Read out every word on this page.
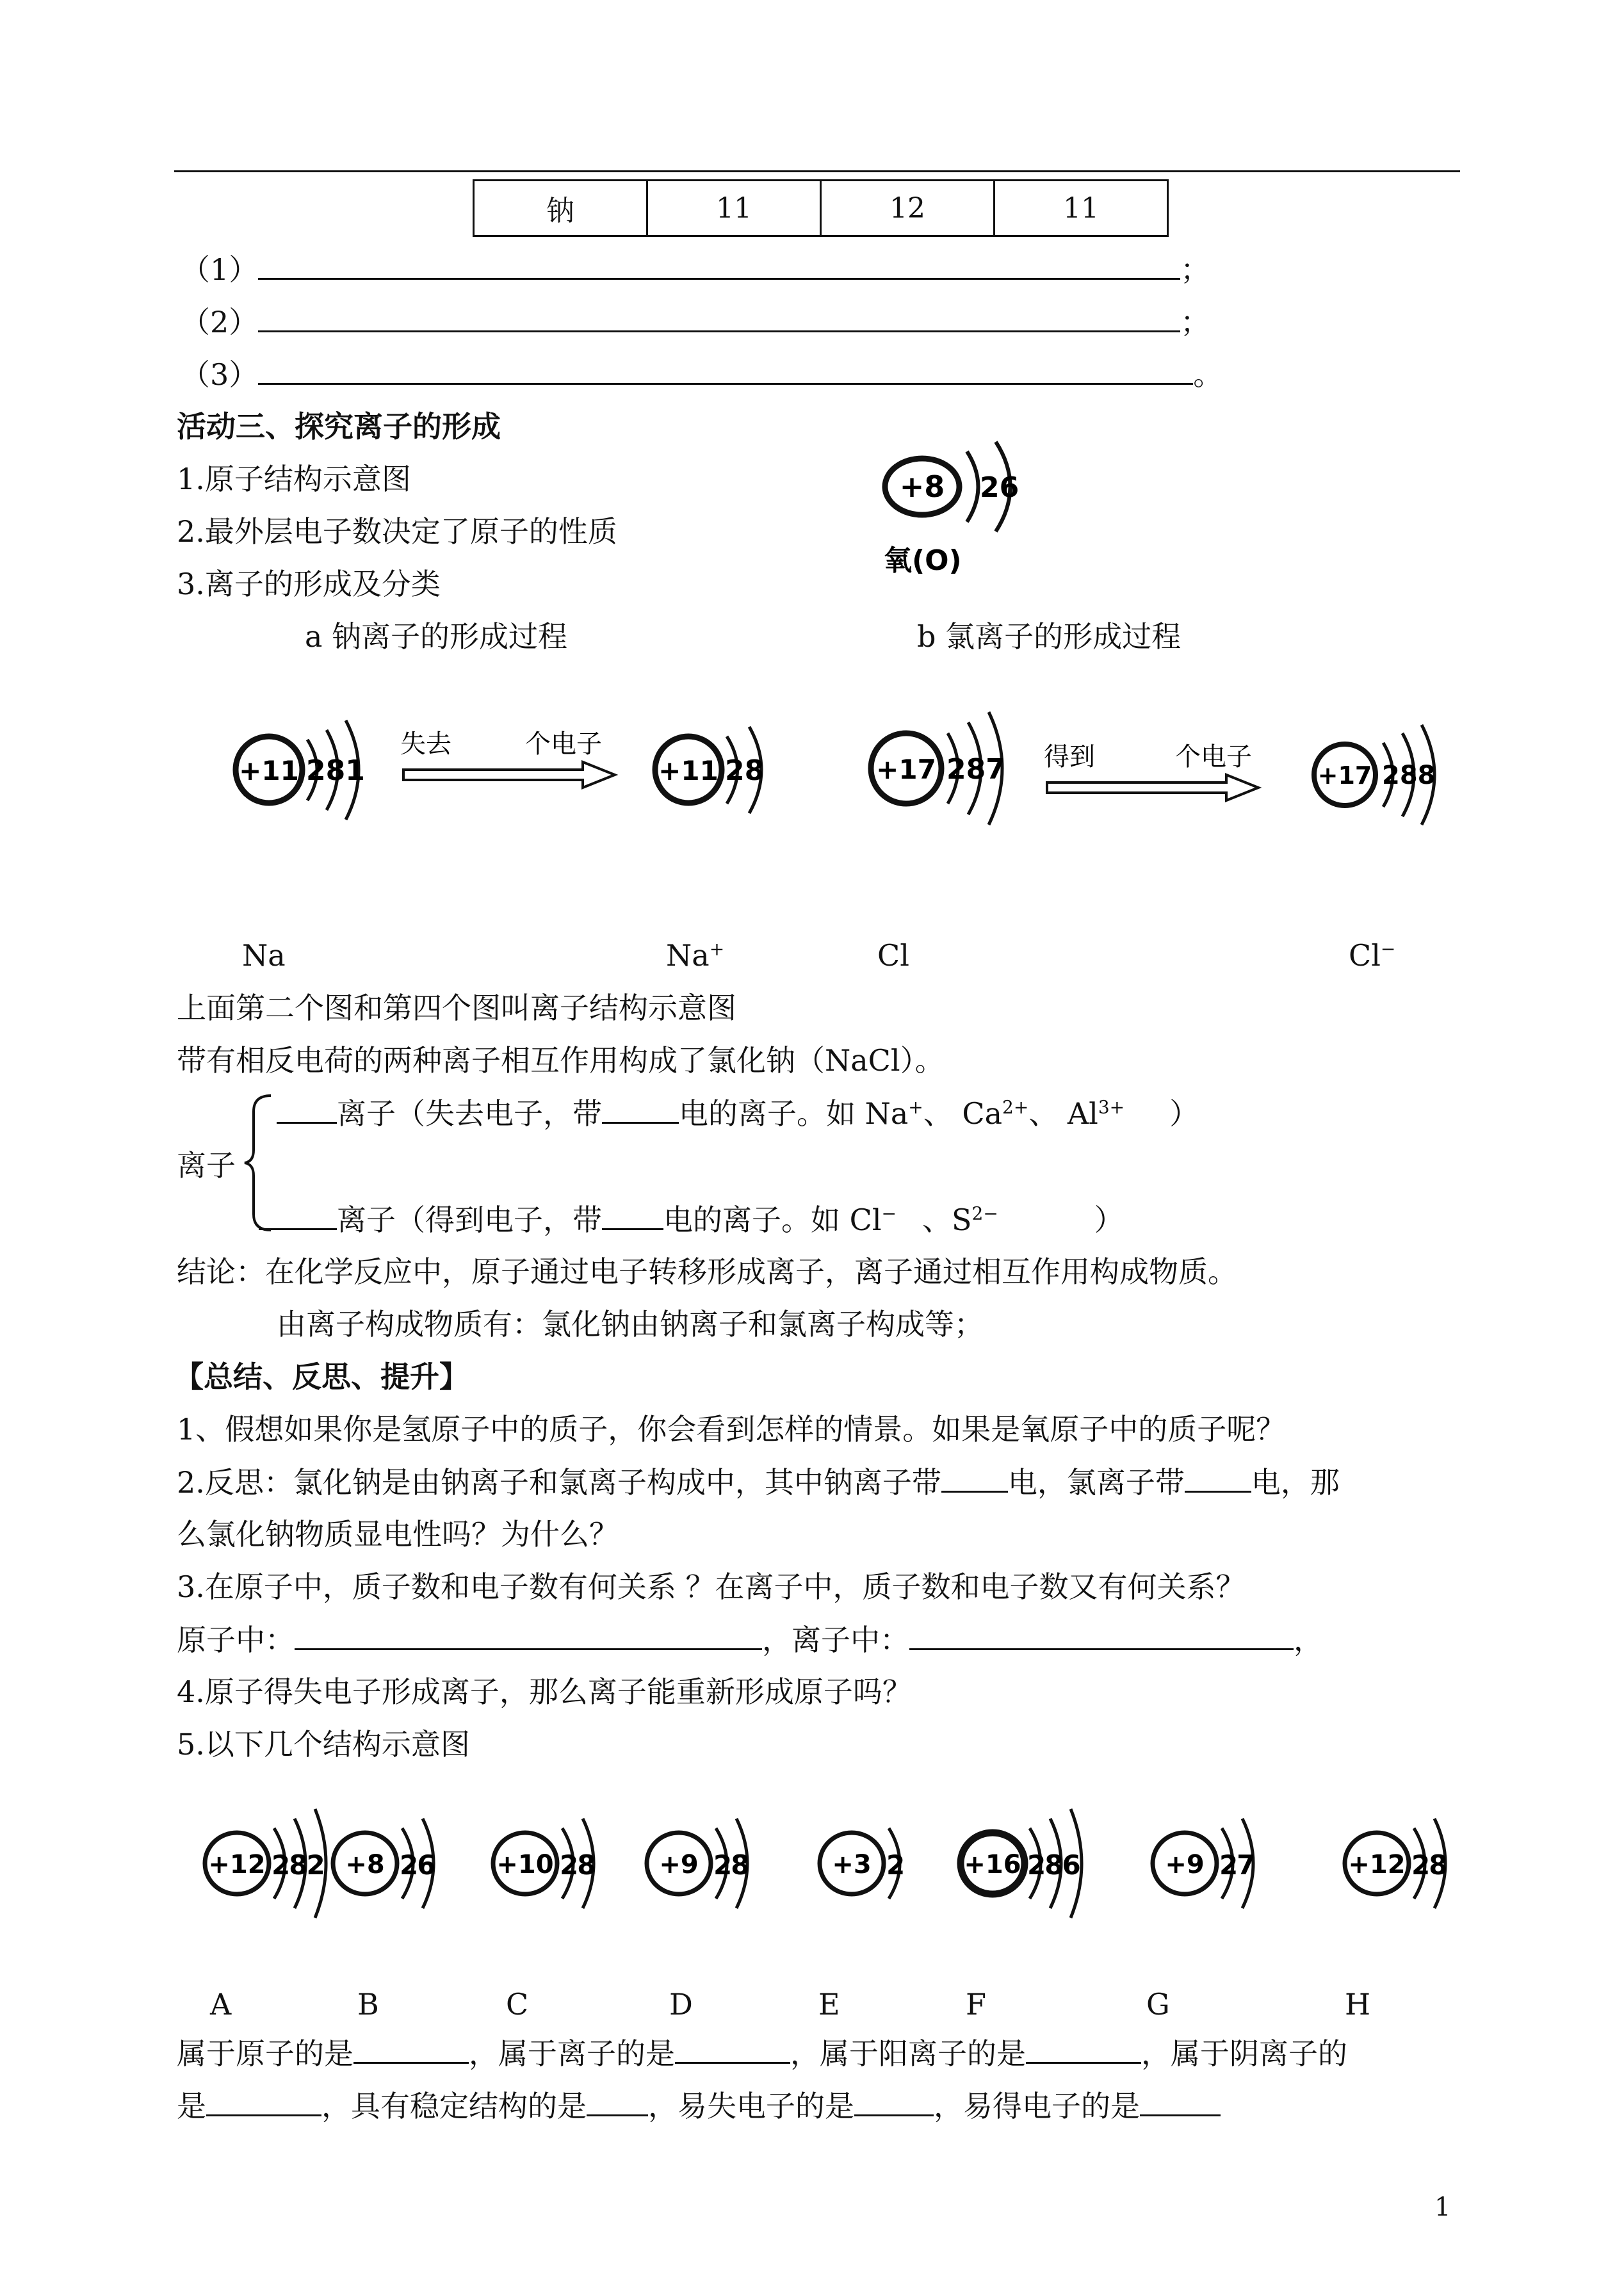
钠	11	12	11
（1）	；
（2）	；
（3）	。
活动三、探究离子的形成
1.原子结构示意图
2.最外层电子数决定了原子的性质
3.离子的形成及分类
+8 26
氧(O)
a 钠离子的形成过程	b 氯离子的形成过程
+11 281
失去	个电子
+11 28	+17 287 得到	个电子
+17 288
Na	Na+	Cl	Cl−
上面第二个图和第四个图叫离子结构示意图
带有相反电荷的两种离子相互作用构成了氯化钠（NaCl）。
离子（失去电子，带	电的离子。如 Na+、 $Ca^{2+}$、 $Al^{3+}$ ）
离子
离子（得到电子，带 电的离子。如 Cl− 、$S^{2-}$	）
结论：在化学反应中，原子通过电子转移形成离子，离子通过相互作用构成物质。
由离子构成物质有：氯化钠由钠离子和氯离子构成等；
【总结、反思、提升】
1、假想如果你是氢原子中的质子，你会看到怎样的情景。如果是氧原子中的质子呢？
2.反思：氯化钠是由钠离子和氯离子构成中，其中钠离子带 电，氯离子带 电，那
么氯化钠物质显电性吗？为什么？
3.在原子中，质子数和电子数有何关系 ？在离子中，质子数和电子数又有何关系？
原子中：	，离子中：	，
4.原子得失电子形成离子，那么离子能重新形成原子吗？
5.以下几个结构示意图
+12 282 +8 26 +10 28	+9 28	+3 2 +16 286	+9 27	+12 28
A	B	C	D	E	F	G	H
属于原子的是	，属于离子的是	，属于阳离子的是	，属于阴离子的
是	，具有稳定结构的是 ，易失电子的是	，易得电子的是
1
